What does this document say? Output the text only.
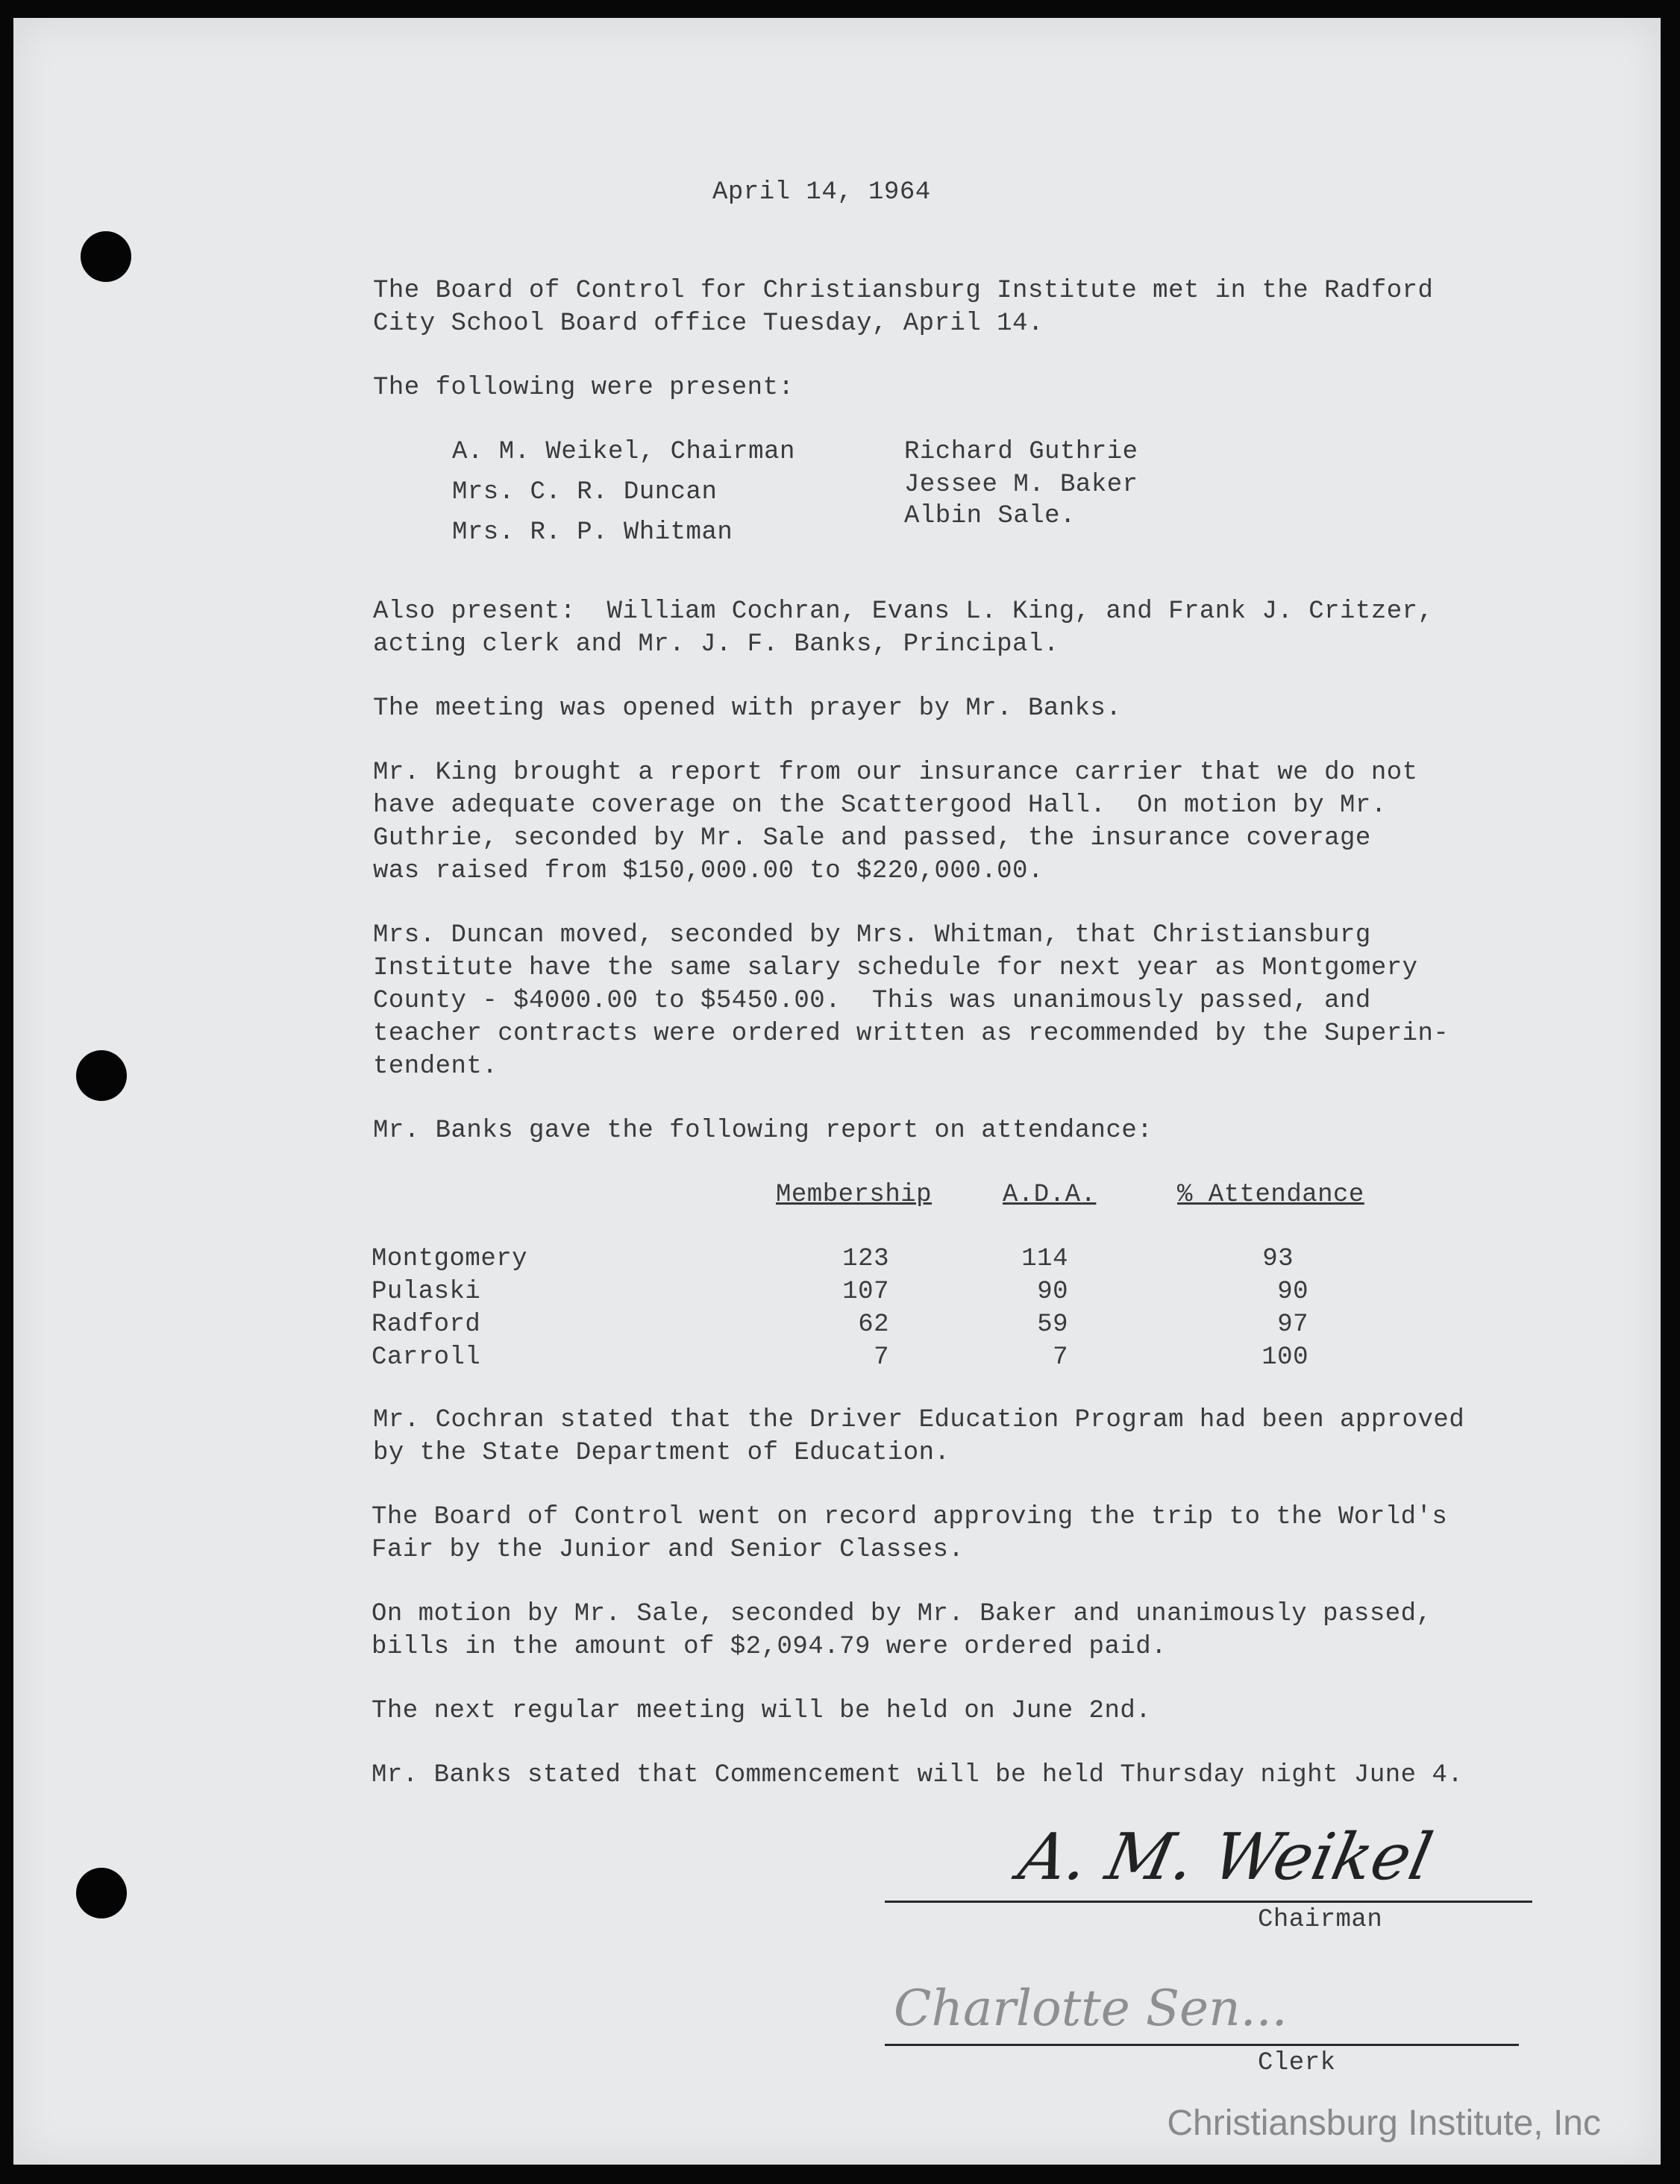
April 14, 1964
The Board of Control for Christiansburg Institute met in the Radford
City School Board office Tuesday, April 14.
The following were present:
A. M. Weikel, Chairman
Mrs. C. R. Duncan
Mrs. R. P. Whitman
Richard Guthrie
Jessee M. Baker
Albin Sale.
Also present:  William Cochran, Evans L. King, and Frank J. Critzer,
acting clerk and Mr. J. F. Banks, Principal.
The meeting was opened with prayer by Mr. Banks.
Mr. King brought a report from our insurance carrier that we do not
have adequate coverage on the Scattergood Hall.  On motion by Mr.
Guthrie, seconded by Mr. Sale and passed, the insurance coverage
was raised from $150,000.00 to $220,000.00.
Mrs. Duncan moved, seconded by Mrs. Whitman, that Christiansburg
Institute have the same salary schedule for next year as Montgomery
County - $4000.00 to $5450.00.  This was unanimously passed, and
teacher contracts were ordered written as recommended by the Superin-
tendent.
Mr. Banks gave the following report on attendance:
Membership	A.D.A.	% Attendance
Montgomery	123	114	93
Pulaski	107	90	90
Radford	62	59	97
Carroll	7	7	100
Mr. Cochran stated that the Driver Education Program had been approved
by the State Department of Education.
The Board of Control went on record approving the trip to the World's
Fair by the Junior and Senior Classes.
On motion by Mr. Sale, seconded by Mr. Baker and unanimously passed,
bills in the amount of $2,094.79 were ordered paid.
The next regular meeting will be held on June 2nd.
Mr. Banks stated that Commencement will be held Thursday night June 4.
A. M. Weikel
Chairman
Charlotte Sen...
Clerk
Christiansburg Institute, Inc
